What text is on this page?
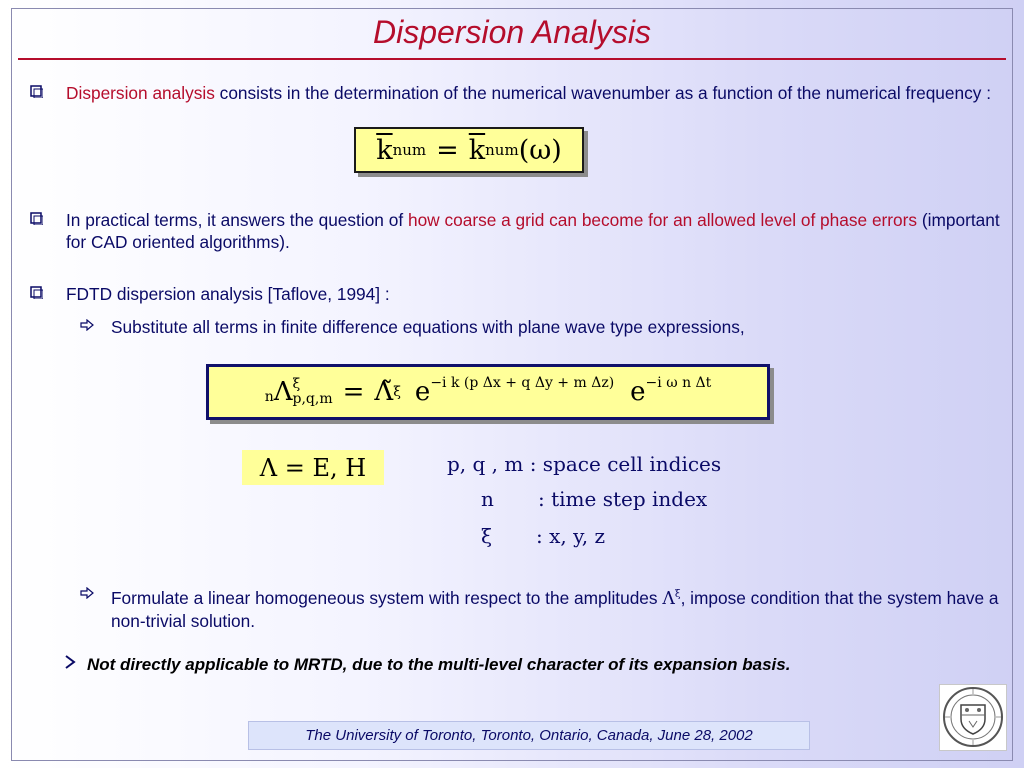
Dispersion Analysis
Dispersion analysis consists in the determination of the numerical wavenumber as a function of the numerical frequency :
$\overline{k}$ num = $\overline{k}$ num (ω)
In practical terms, it answers the question of how coarse a grid can become for an allowed level of phase errors (important for CAD oriented algorithms).
FDTD dispersion analysis [Taflove, 1994] :
Substitute all terms in finite difference equations with plane wave type expressions,
n Λ ξ
p,q,m = Λ̃ ξ $e^{-i k (p \Delta x + q \Delta y + m \Delta z)}$ $e^{-i \omega n \Delta t}$
Λ = E, H	p, q , m : space cell indices
n : time step index
ξ : x, y, z
Formulate a linear homogeneous system with respect to the amplitudes $\Lambda^\xi$, impose condition that the system have a non-trivial solution.
Not directly applicable to MRTD, due to the multi-level character of its expansion basis.
The University of Toronto, Toronto, Ontario, Canada, June 28, 2002
